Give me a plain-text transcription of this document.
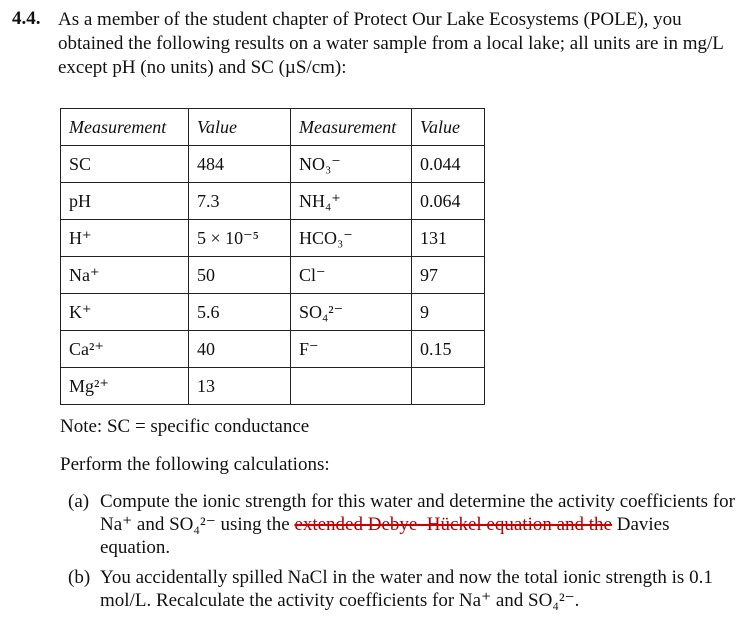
4.4. As a member of the student chapter of Protect Our Lake Ecosystems (POLE), you obtained the following results on a water sample from a local lake; all units are in mg/L except pH (no units) and SC (µS/cm):
Measurement	Value	Measurement	Value
SC	484	NO₃⁻	0.044
pH	7.3	NH₄⁺	0.064
H⁺	5 × 10⁻⁵	HCO₃⁻	131
Na⁺	50	Cl⁻	97
K⁺	5.6	SO₄²⁻	9
Ca²⁺	40	F⁻	0.15
Mg²⁺	13		
Note: SC = specific conductance
Perform the following calculations:
(a) Compute the ionic strength for this water and determine the activity coefficients for Na⁺ and SO₄²⁻ using the extended Debye–Hückel equation and the Davies equation.
(b) You accidentally spilled NaCl in the water and now the total ionic strength is 0.1 mol/L. Recalculate the activity coefficients for Na⁺ and SO₄²⁻.
